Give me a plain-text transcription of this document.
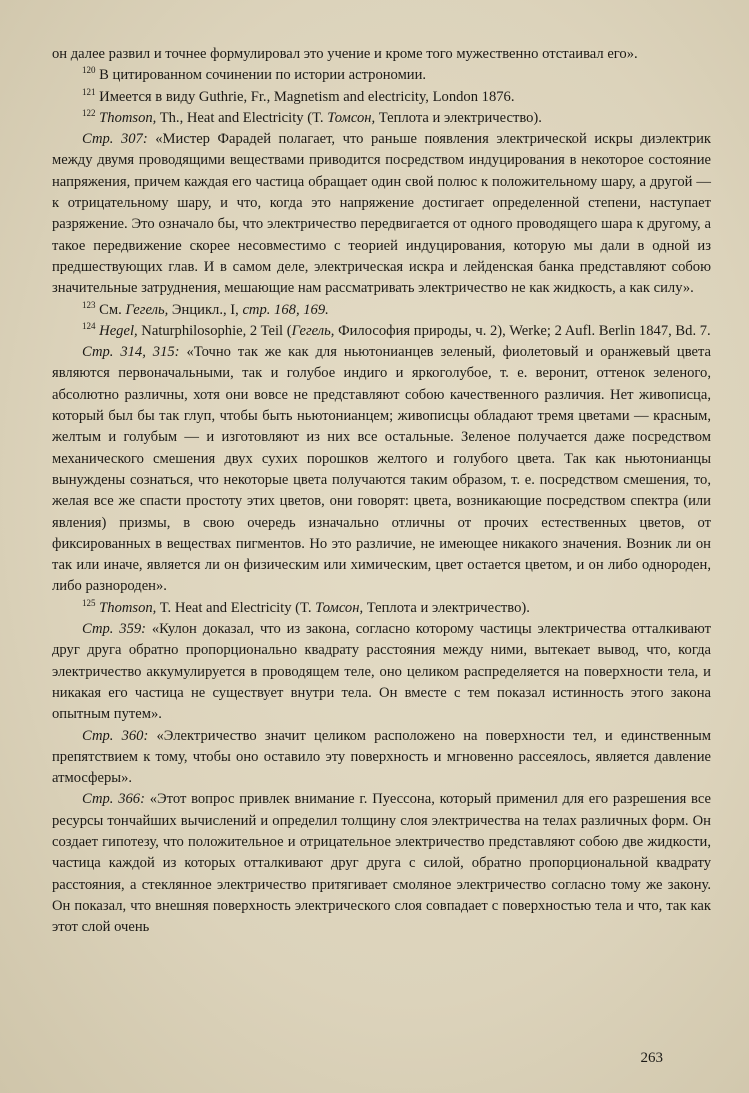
он далее развил и точнее формулировал это учение и кроме того мужественно отстаивал его».

$^{120}$ В цитированном сочинении по истории астрономии.

$^{121}$ Имеется в виду Guthrie, Fr., Magnetism and electricity, London 1876.

$^{122}$ Thomson, Th., Heat and Electricity (T. Томсон, Теплота и электричество).

Стр. 307: «Мистер Фарадей полагает, что раньше появления электрической искры диэлектрик между двумя проводящими веществами приводится посредством индуцирования в некоторое состояние напряжения, причем каждая его частица обращает один свой полюс к положительному шару, а другой — к отрицательному шару, и что, когда это напряжение достигает определенной степени, наступает разряжение. Это означало бы, что электричество передвигается от одного проводящего шара к другому, а такое передвижение скорее несовместимо с теорией индуцирования, которую мы дали в одной из предшествующих глав. И в самом деле, электрическая искра и лейденская банка представляют собою значительные затруднения, мешающие нам рассматривать электричество не как жидкость, а как силу».

$^{123}$ См. Гегель, Энцикл., I, стр. 168, 169.

$^{124}$ Hegel, Naturphilosophie, 2 Teil (Гегель, Философия природы, ч. 2), Werke; 2 Aufl. Berlin 1847, Bd. 7.

Стр. 314, 315: «Точно так же как для ньютонианцев зеленый, фиолетовый и оранжевый цвета являются первоначальными, так и голубое индиго и яркоголубое, т. е. веронит, оттенок зеленого, абсолютно различны, хотя они вовсе не представляют собою качественного различия. Нет живописца, который был бы так глуп, чтобы быть ньютонианцем; живописцы обладают тремя цветами — красным, желтым и голубым — и изготовляют из них все остальные. Зеленое получается даже посредством механического смешения двух сухих порошков желтого и голубого цвета. Так как ньютонианцы вынуждены сознаться, что некоторые цвета получаются таким образом, т. е. посредством смешения, то, желая все же спасти простоту этих цветов, они говорят: цвета, возникающие посредством спектра (или явления) призмы, в свою очередь изначально отличны от прочих естественных цветов, от фиксированных в веществах пигментов. Но это различие, не имеющее никакого значения. Возник ли он так или иначе, является ли он физическим или химическим, цвет остается цветом, и он либо однороден, либо разнороден».

$^{125}$ Thomson, T. Heat and Electricity (T. Томсон, Теплота и электричество).

Стр. 359: «Кулон доказал, что из закона, согласно которому частицы электричества отталкивают друг друга обратно пропорционально квадрату расстояния между ними, вытекает вывод, что, когда электричество аккумулируется в проводящем теле, оно целиком распределяется на поверхности тела, и никакая его частица не существует внутри тела. Он вместе с тем показал истинность этого закона опытным путем».

Стр. 360: «Электричество значит целиком расположено на поверхности тел, и единственным препятствием к тому, чтобы оно оставило эту поверхность и мгновенно рассеялось, является давление атмосферы».

Стр. 366: «Этот вопрос привлек внимание г. Пуессона, который применил для его разрешения все ресурсы тончайших вычислений и определил толщину слоя электричества на телах различных форм. Он создает гипотезу, что положительное и отрицательное электричество представляют собою две жидкости, частица каждой из которых отталкивают друг друга с силой, обратно пропорциональной квадрату расстояния, а стеклянное электричество притягивает смоляное электричество согласно тому же закону. Он показал, что внешняя поверхность электрического слоя совпадает с поверхностью тела и что, так как этот слой очень

263
